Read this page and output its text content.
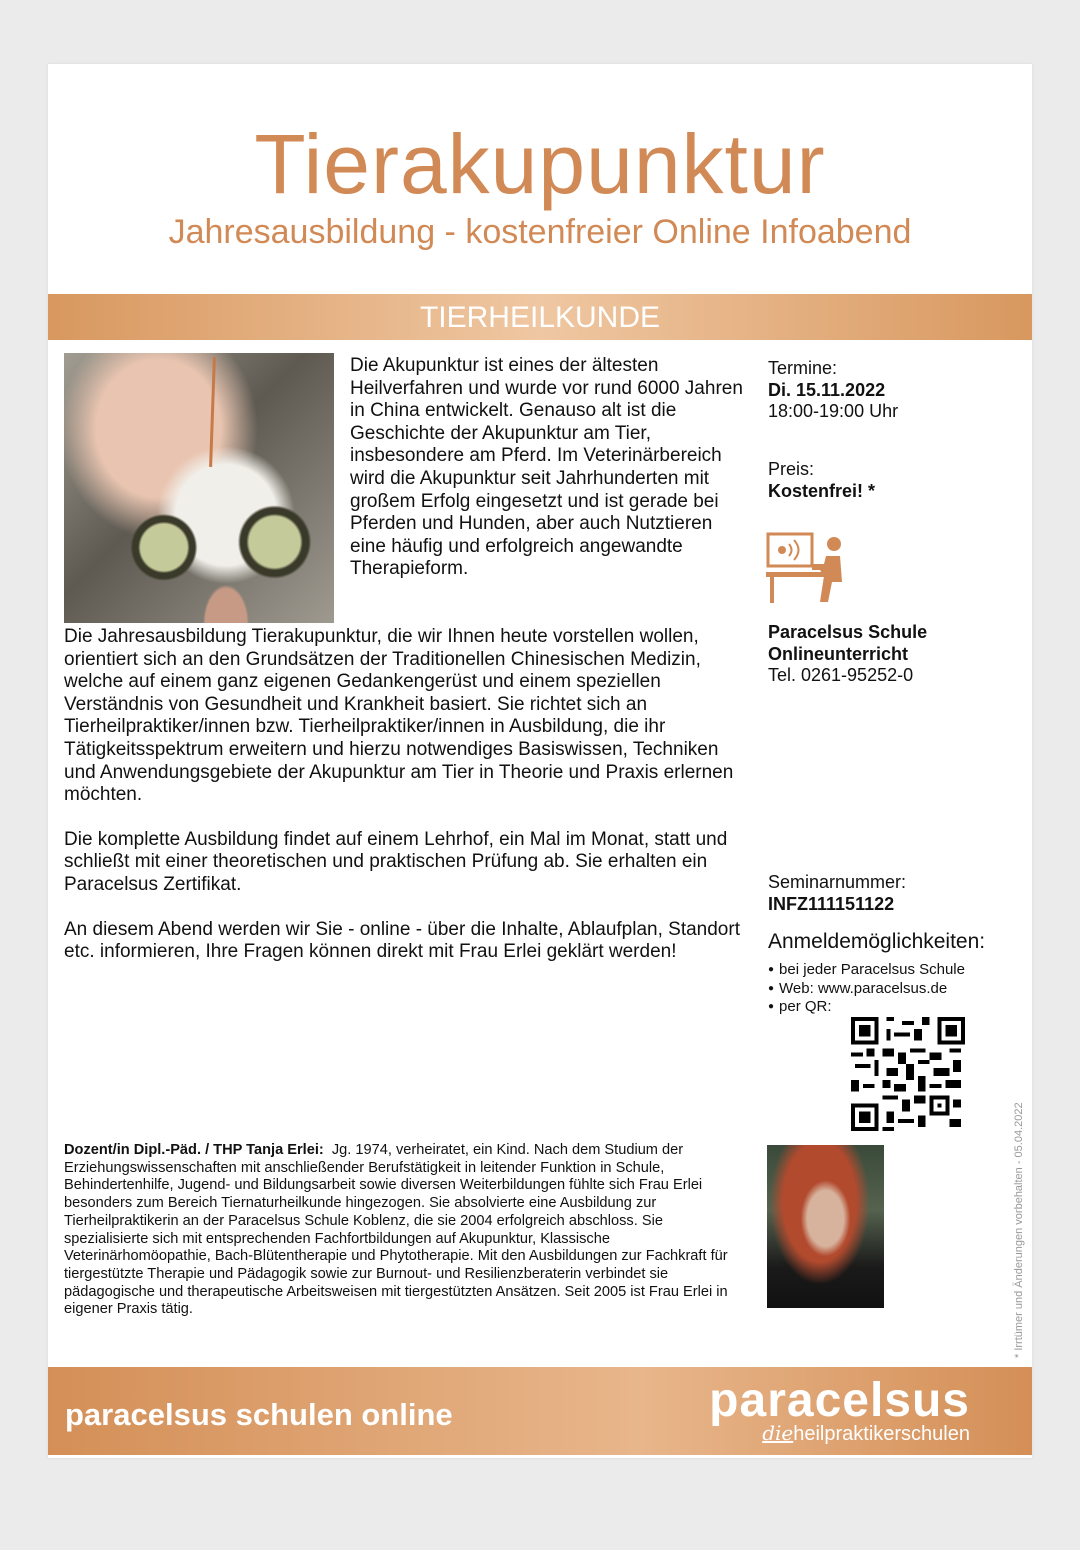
Tierakupunktur
Jahresausbildung - kostenfreier Online Infoabend
TIERHEILKUNDE
Die Akupunktur ist eines der ältesten Heilverfahren und wurde vor rund 6000 Jahren in China entwickelt. Genauso alt ist die Geschichte der Akupunktur am Tier, insbesondere am Pferd. Im Veterinärbereich wird die Akupunktur seit Jahrhunderten mit großem Erfolg eingesetzt und ist gerade bei Pferden und Hunden, aber auch Nutztieren eine häufig und erfolgreich angewandte Therapieform.

Die Jahresausbildung Tierakupunktur, die wir Ihnen heute vorstellen wollen, orientiert sich an den Grundsätzen der Traditionellen Chinesischen Medizin, welche auf einem ganz eigenen Gedankengerüst und einem speziellen Verständnis von Gesundheit und Krankheit basiert. Sie richtet sich an Tierheilpraktiker/innen bzw. Tierheilpraktiker/innen in Ausbildung, die ihr Tätigkeitsspektrum erweitern und hierzu notwendiges Basiswissen, Techniken und Anwendungsgebiete der Akupunktur am Tier in Theorie und Praxis erlernen möchten.

Die komplette Ausbildung findet auf einem Lehrhof, ein Mal im Monat, statt und schließt mit einer theoretischen und praktischen Prüfung ab. Sie erhalten ein Paracelsus Zertifikat.

An diesem Abend werden wir Sie - online - über die Inhalte, Ablaufplan, Standort etc. informieren, Ihre Fragen können direkt mit Frau Erlei geklärt werden!

Termine:
Di. 15.11.2022
18:00-19:00 Uhr
Preis:
Kostenfrei! *
Paracelsus Schule
Onlineunterricht
Tel. 0261-95252-0
Seminarnummer:
INFZ111151122
Anmeldemöglichkeiten:
● bei jeder Paracelsus Schule
● Web: www.paracelsus.de
● per QR:
Dozent/in Dipl.-Päd. / THP Tanja Erlei: Jg. 1974, verheiratet, ein Kind. Nach dem Studium der Erziehungswissenschaften mit anschließender Berufstätigkeit in leitender Funktion in Schule, Behindertenhilfe, Jugend- und Bildungsarbeit sowie diversen Weiterbildungen fühlte sich Frau Erlei besonders zum Bereich Tiernaturheilkunde hingezogen. Sie absolvierte eine Ausbildung zur Tierheilpraktikerin an der Paracelsus Schule Koblenz, die sie 2004 erfolgreich abschloss. Sie spezialisierte sich mit entsprechenden Fachfortbildungen auf Akupunktur, Klassische Veterinärhomöopathie, Bach-Blütentherapie und Phytotherapie. Mit den Ausbildungen zur Fachkraft für tiergestützte Therapie und Pädagogik sowie zur Burnout- und Resilienzberaterin verbindet sie pädagogische und therapeutische Arbeitsweisen mit tiergestützten Ansätzen. Seit 2005 ist Frau Erlei in eigener Praxis tätig.
paracelsus schulen online	paracelsus
dieheilpraktikerschulen
* Irrtümer und Änderungen vorbehalten - 05.04.2022
